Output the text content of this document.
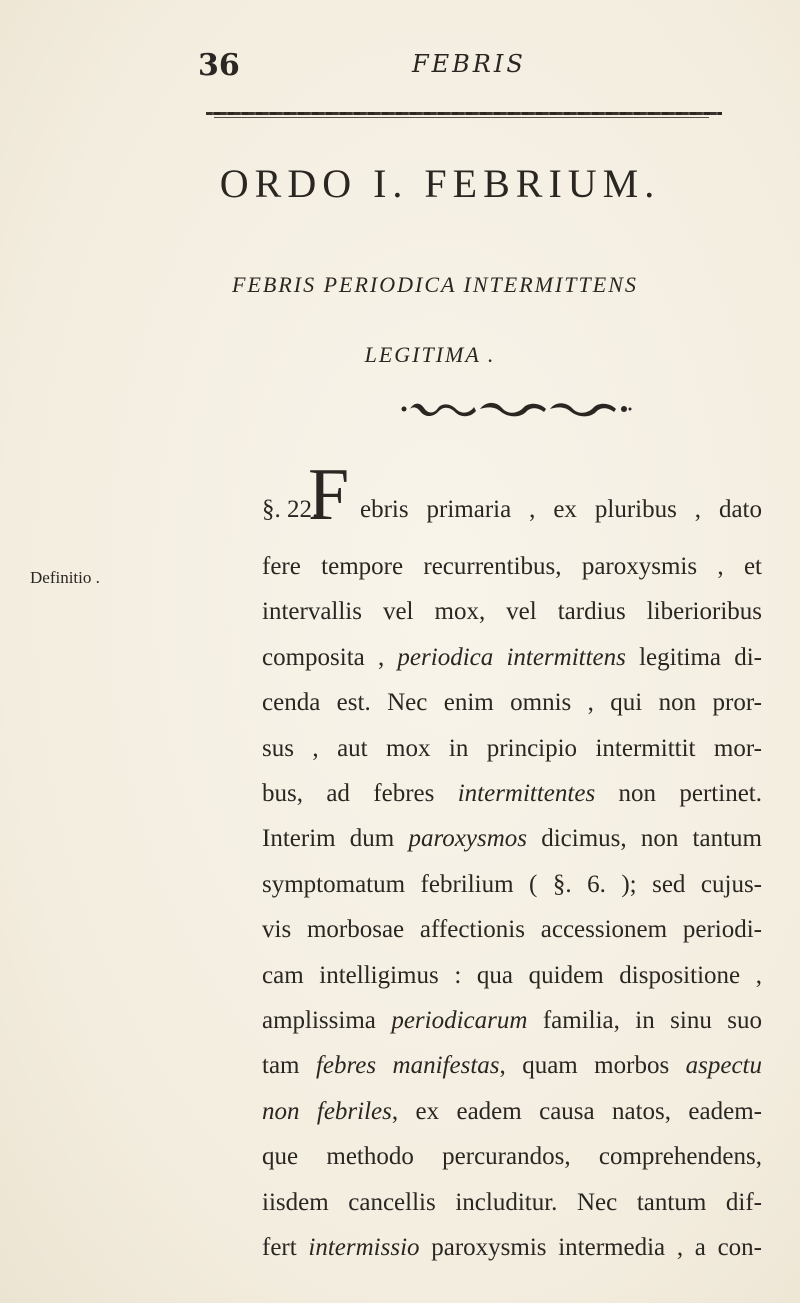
36	FEBRIS
ORDO I. FEBRIUM.
FEBRIS PERIODICA INTERMITTENS
LEGITIMA .
Definitio .
§. 22.
F ebris primaria , ex pluribus , dato
fere tempore recurrentibus, paroxysmis , et
intervallis vel mox, vel tardius liberioribus
composita , periodica intermittens legitima di-
cenda est. Nec enim omnis , qui non pror-
sus , aut mox in principio intermittit mor-
bus, ad febres intermittentes non pertinet.
Interim dum paroxysmos dicimus, non tantum
symptomatum febrilium ( §. 6. ); sed cujus-
vis morbosae affectionis accessionem periodi-
cam intelligimus : qua quidem dispositione ,
amplissima periodicarum familia, in sinu suo
tam febres manifestas, quam morbos aspectu
non febriles, ex eadem causa natos, eadem-
que methodo percurandos, comprehendens,
iisdem cancellis includitur. Nec tantum dif-
fert intermissio paroxysmis intermedia , a con-
